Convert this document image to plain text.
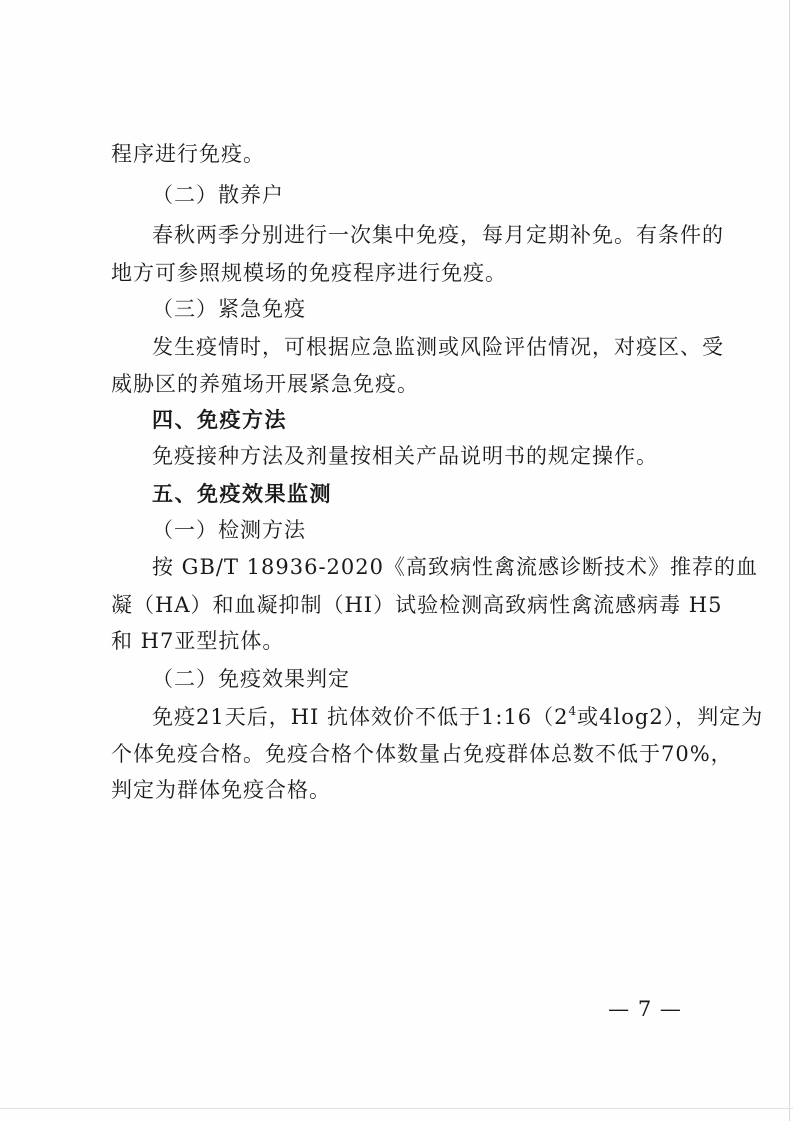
程序进行免疫。
（二）散养户
春秋两季分别进行一次集中免疫，每月定期补免。有条件的
地方可参照规模场的免疫程序进行免疫。
（三）紧急免疫
发生疫情时，可根据应急监测或风险评估情况，对疫区、受
威胁区的养殖场开展紧急免疫。
四、免疫方法
免疫接种方法及剂量按相关产品说明书的规定操作。
五、免疫效果监测
（一）检测方法
按 GB/T 18936-2020《高致病性禽流感诊断技术》推荐的血
凝（HA）和血凝抑制（HI）试验检测高致病性禽流感病毒 H5
和 H7亚型抗体。
（二）免疫效果判定
免疫21天后，HI 抗体效价不低于$1:16(2^4$或4log2），判定为
个体免疫合格。免疫合格个体数量占免疫群体总数不低于70%，
判定为群体免疫合格。
— 7 —
